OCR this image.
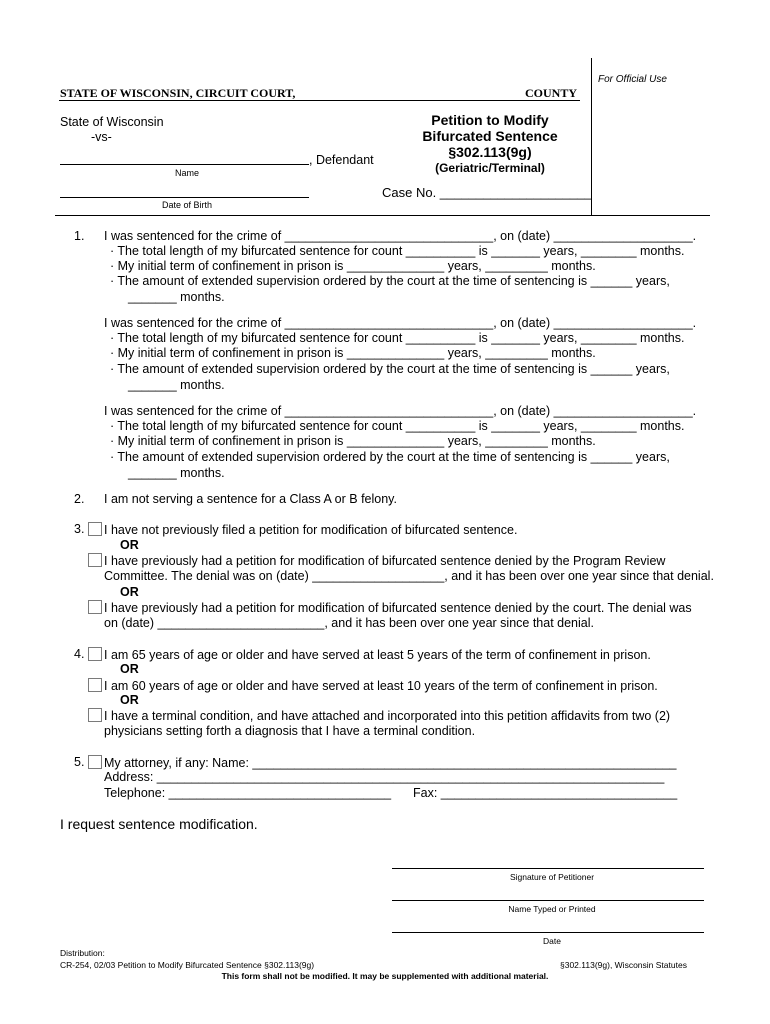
For Official Use
STATE OF WISCONSIN, CIRCUIT COURT,	COUNTY
State of Wisconsin
-vs-
, Defendant
Name
Date of Birth
Petition to Modify
Bifurcated Sentence
§302.113(9g)
(Geriatric/Terminal)
Case No. _____________________
1. I was sentenced for the crime of ______________________________, on (date) ____________________.
· The total length of my bifurcated sentence for count __________ is _______ years, ________ months.
· My initial term of confinement in prison is ______________ years, _________ months.
· The amount of extended supervision ordered by the court at the time of sentencing is ______ years,
_______ months.
I was sentenced for the crime of ______________________________, on (date) ____________________.
· The total length of my bifurcated sentence for count __________ is _______ years, ________ months.
· My initial term of confinement in prison is ______________ years, _________ months.
· The amount of extended supervision ordered by the court at the time of sentencing is ______ years,
_______ months.
I was sentenced for the crime of ______________________________, on (date) ____________________.
· The total length of my bifurcated sentence for count __________ is _______ years, ________ months.
· My initial term of confinement in prison is ______________ years, _________ months.
· The amount of extended supervision ordered by the court at the time of sentencing is ______ years,
_______ months.
2. I am not serving a sentence for a Class A or B felony.
3.	I have not previously filed a petition for modification of bifurcated sentence.
OR
I have previously had a petition for modification of bifurcated sentence denied by the Program Review
Committee. The denial was on (date) ___________________, and it has been over one year since that denial.
OR
I have previously had a petition for modification of bifurcated sentence denied by the court. The denial was
on (date) ________________________, and it has been over one year since that denial.
4.	I am 65 years of age or older and have served at least 5 years of the term of confinement in prison.
OR
I am 60 years of age or older and have served at least 10 years of the term of confinement in prison.
OR
I have a terminal condition, and have attached and incorporated into this petition affidavits from two (2)
physicians setting forth a diagnosis that I have a terminal condition.
5.	My attorney, if any: Name: _____________________________________________________________
Address: _________________________________________________________________________
Telephone: ________________________________ Fax: __________________________________
I request sentence modification.
Signature of Petitioner
Name Typed or Printed
Date
Distribution:
CR-254, 02/03 Petition to Modify Bifurcated Sentence §302.113(9g)	§302.113(9g), Wisconsin Statutes
This form shall not be modified. It may be supplemented with additional material.
